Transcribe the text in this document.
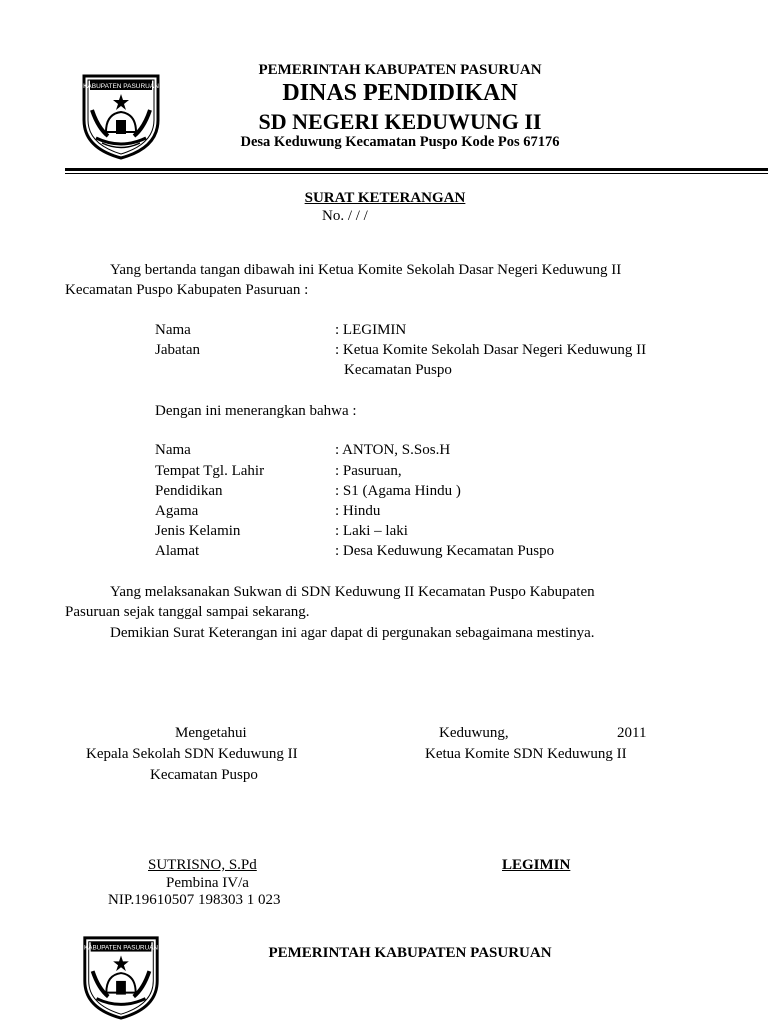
KABUPATEN PASURUAN
PEMERINTAH KABUPATEN PASURUAN
DINAS PENDIDIKAN
SD NEGERI KEDUWUNG II
Desa Keduwung Kecamatan Puspo Kode Pos 67176
SURAT KETERANGAN
No. / / /
Yang bertanda tangan dibawah ini Ketua Komite Sekolah Dasar Negeri Keduwung II
Kecamatan Puspo Kabupaten Pasuruan :
Nama	: LEGIMIN
Jabatan	: Ketua Komite Sekolah Dasar Negeri Keduwung II
Kecamatan Puspo
Dengan ini menerangkan bahwa :
Nama	: ANTON, S.Sos.H
Tempat Tgl. Lahir	: Pasuruan,
Pendidikan	: S1 (Agama Hindu )
Agama	: Hindu
Jenis Kelamin	: Laki – laki
Alamat	: Desa Keduwung Kecamatan Puspo
Yang melaksanakan Sukwan di SDN Keduwung II Kecamatan Puspo Kabupaten
Pasuruan sejak tanggal sampai sekarang.
Demikian Surat Keterangan ini agar dapat di pergunakan sebagaimana mestinya.
Mengetahui
Kepala Sekolah SDN Keduwung II
Kecamatan Puspo
Keduwung,	2011
Ketua Komite SDN Keduwung II
SUTRISNO, S.Pd
Pembina IV/a
NIP.19610507 198303 1 023
LEGIMIN
KABUPATEN PASURUAN	PEMERINTAH KABUPATEN PASURUAN
